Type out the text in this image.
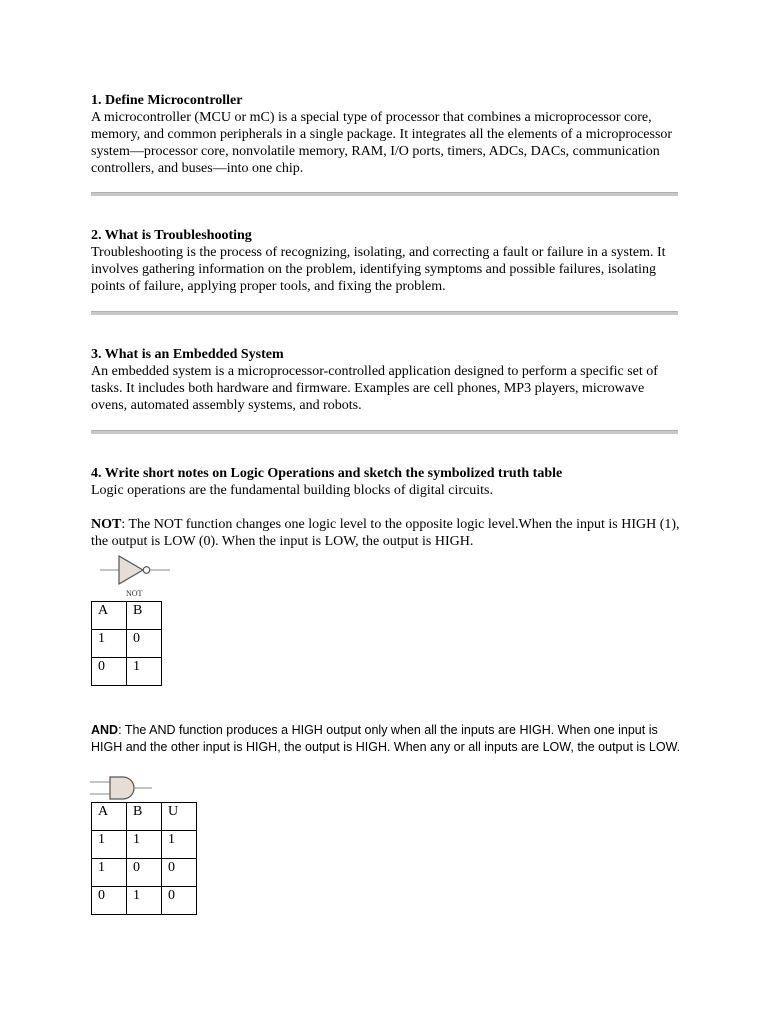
1. Define Microcontroller
A microcontroller (MCU or mC) is a special type of processor that combines a microprocessor core, memory, and common peripherals in a single package. It integrates all the elements of a microprocessor system—processor core, nonvolatile memory, RAM, I/O ports, timers, ADCs, DACs, communication controllers, and buses—into one chip.
2. What is Troubleshooting
Troubleshooting is the process of recognizing, isolating, and correcting a fault or failure in a system. It involves gathering information on the problem, identifying symptoms and possible failures, isolating points of failure, applying proper tools, and fixing the problem.
3. What is an Embedded System
An embedded system is a microprocessor-controlled application designed to perform a specific set of tasks. It includes both hardware and firmware. Examples are cell phones, MP3 players, microwave ovens, automated assembly systems, and robots.
4. Write short notes on Logic Operations and sketch the symbolized truth table
Logic operations are the fundamental building blocks of digital circuits.
NOT: The NOT function changes one logic level to the opposite logic level.When the input is HIGH (1), the output is LOW (0). When the input is LOW, the output is HIGH.
NOT
A	B
1	0
0	1
AND: The AND function produces a HIGH output only when all the inputs are HIGH. When one input is HIGH and the other input is HIGH, the output is HIGH. When any or all inputs are LOW, the output is LOW.
A	B	U
1	1	1
1	0	0
0	1	0
